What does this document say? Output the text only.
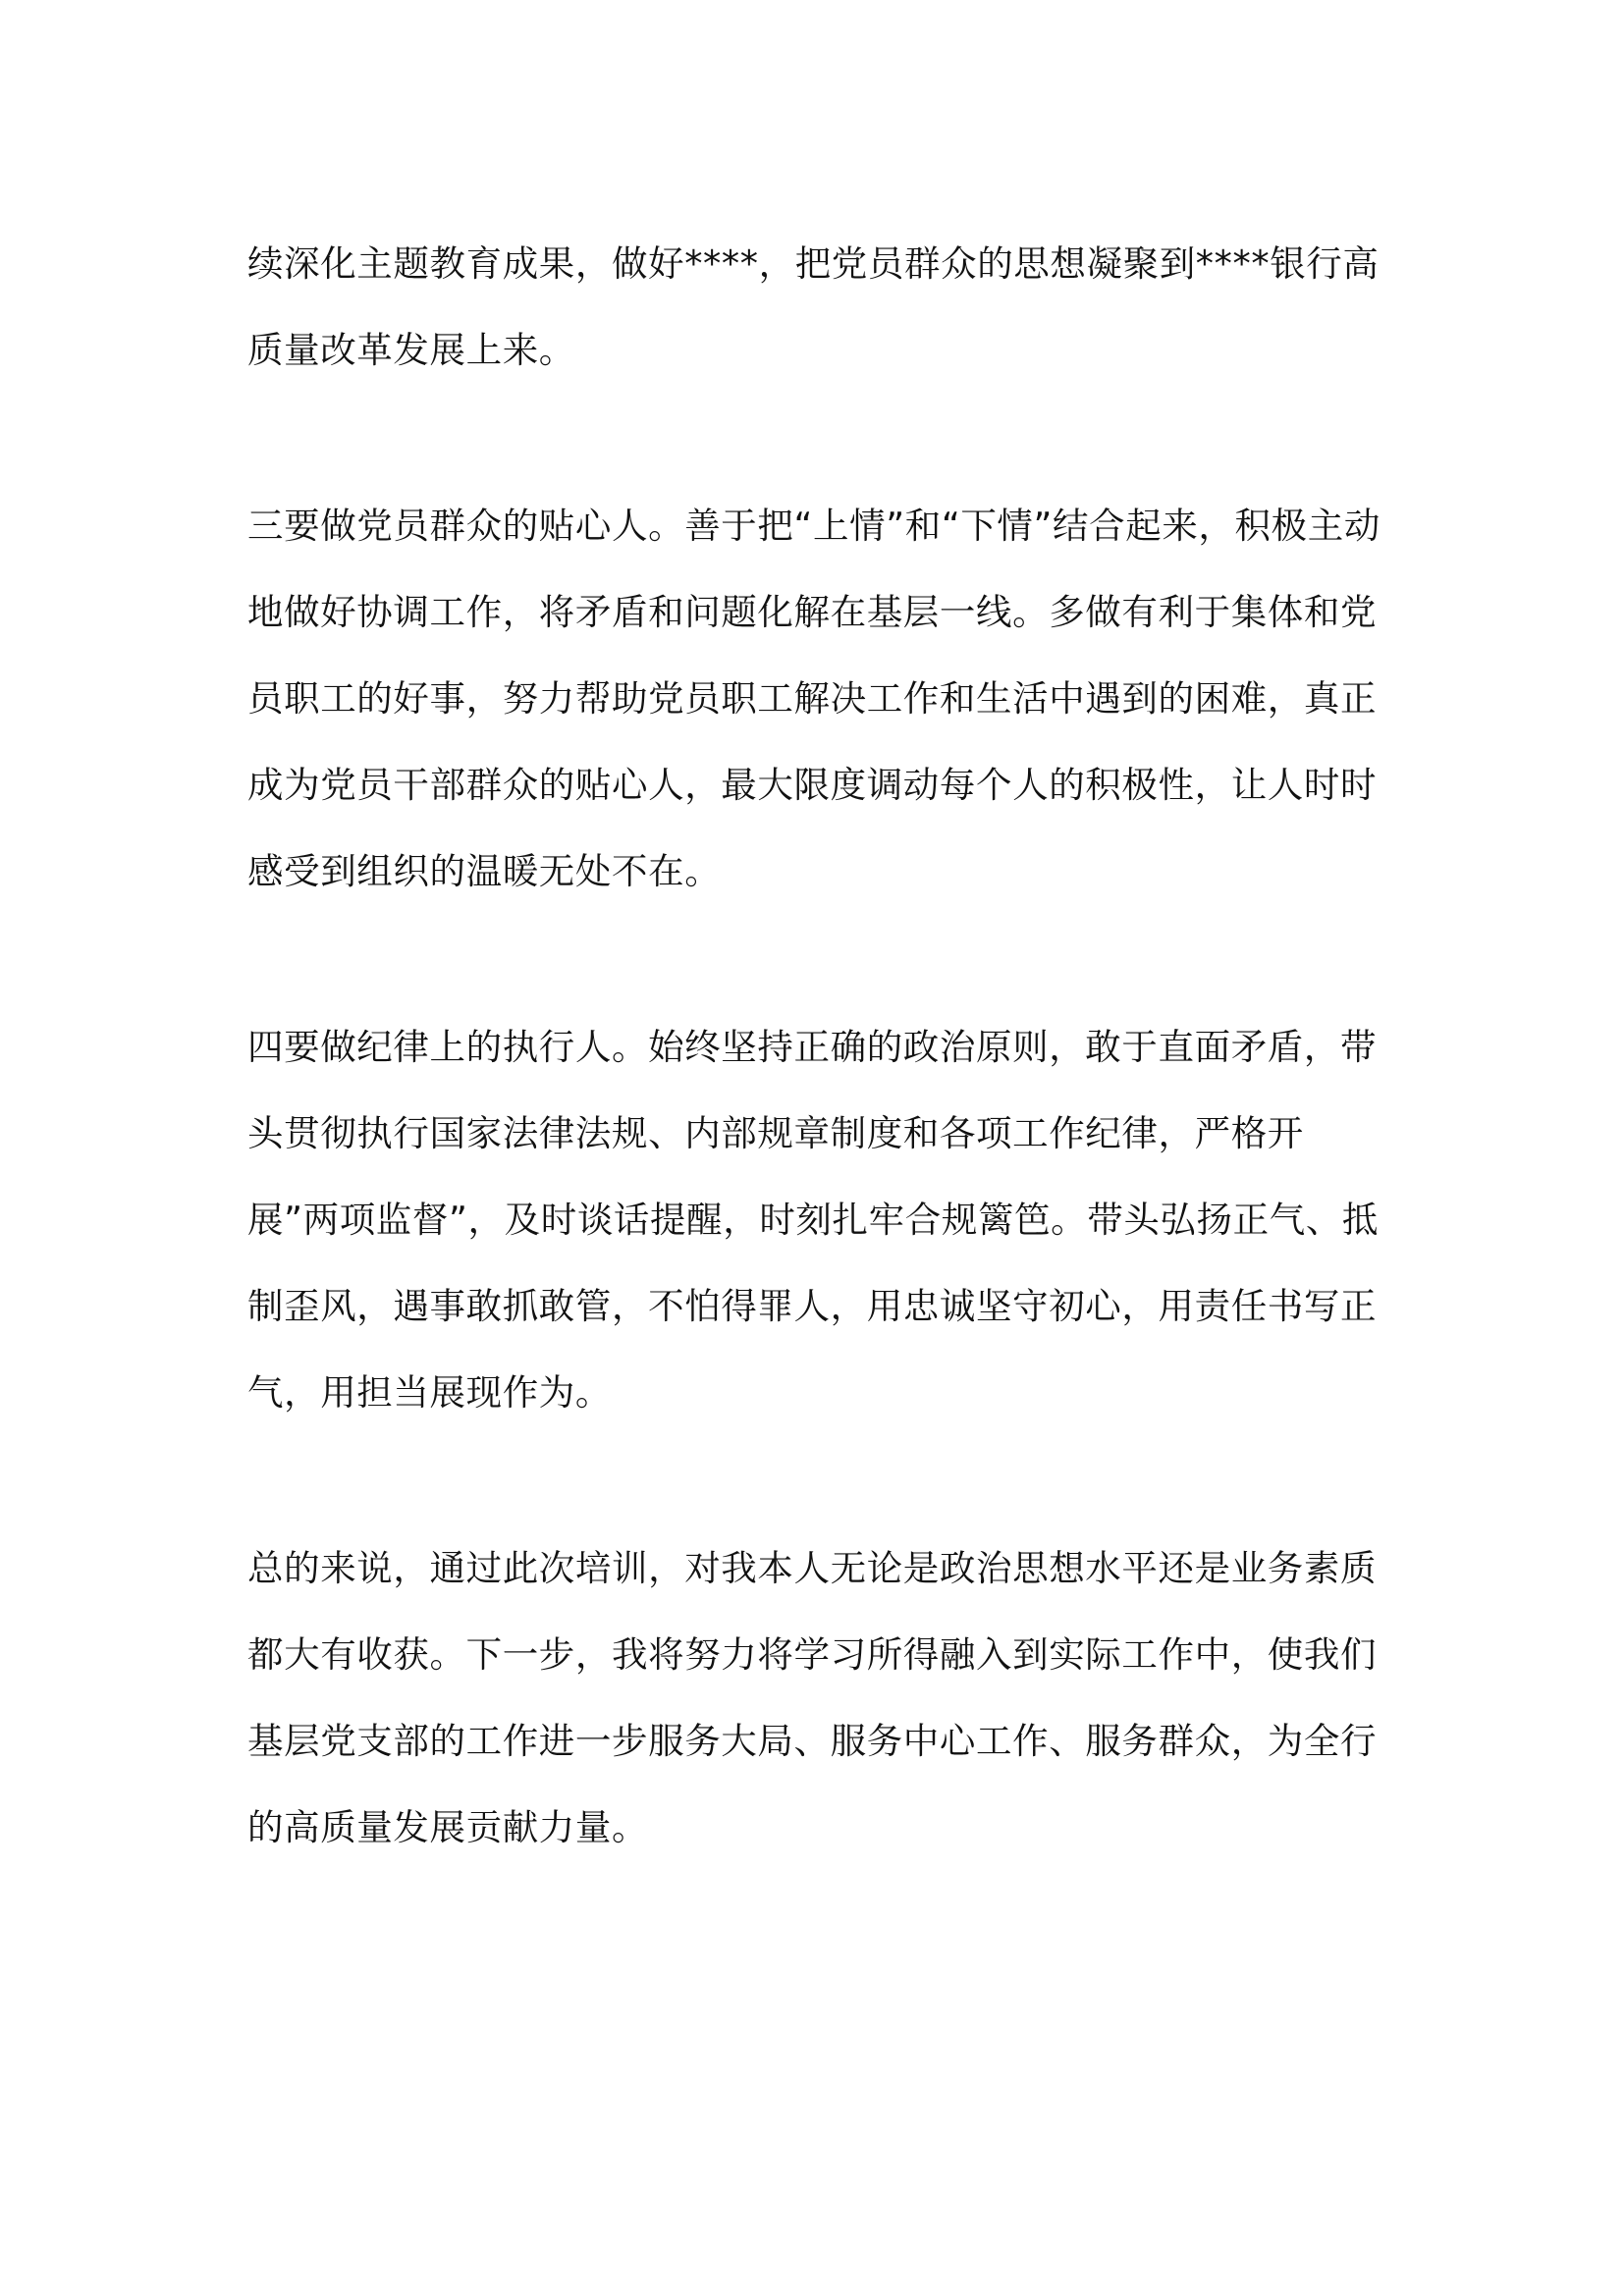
续深化主题教育成果，做好****，把党员群众的思想凝聚到****银行高质量改革发展上来。

三要做党员群众的贴心人。善于把“上情”和“下情”结合起来，积极主动地做好协调工作，将矛盾和问题化解在基层一线。多做有利于集体和党员职工的好事，努力帮助党员职工解决工作和生活中遇到的困难，真正成为党员干部群众的贴心人，最大限度调动每个人的积极性，让人时时感受到组织的温暖无处不在。

四要做纪律上的执行人。始终坚持正确的政治原则，敢于直面矛盾，带头贯彻执行国家法律法规、内部规章制度和各项工作纪律，严格开展”两项监督”，及时谈话提醒，时刻扎牢合规篱笆。带头弘扬正气、抵制歪风，遇事敢抓敢管，不怕得罪人，用忠诚坚守初心，用责任书写正气，用担当展现作为。

总的来说，通过此次培训，对我本人无论是政治思想水平还是业务素质都大有收获。下一步，我将努力将学习所得融入到实际工作中，使我们基层党支部的工作进一步服务大局、服务中心工作、服务群众，为全行的高质量发展贡献力量。
